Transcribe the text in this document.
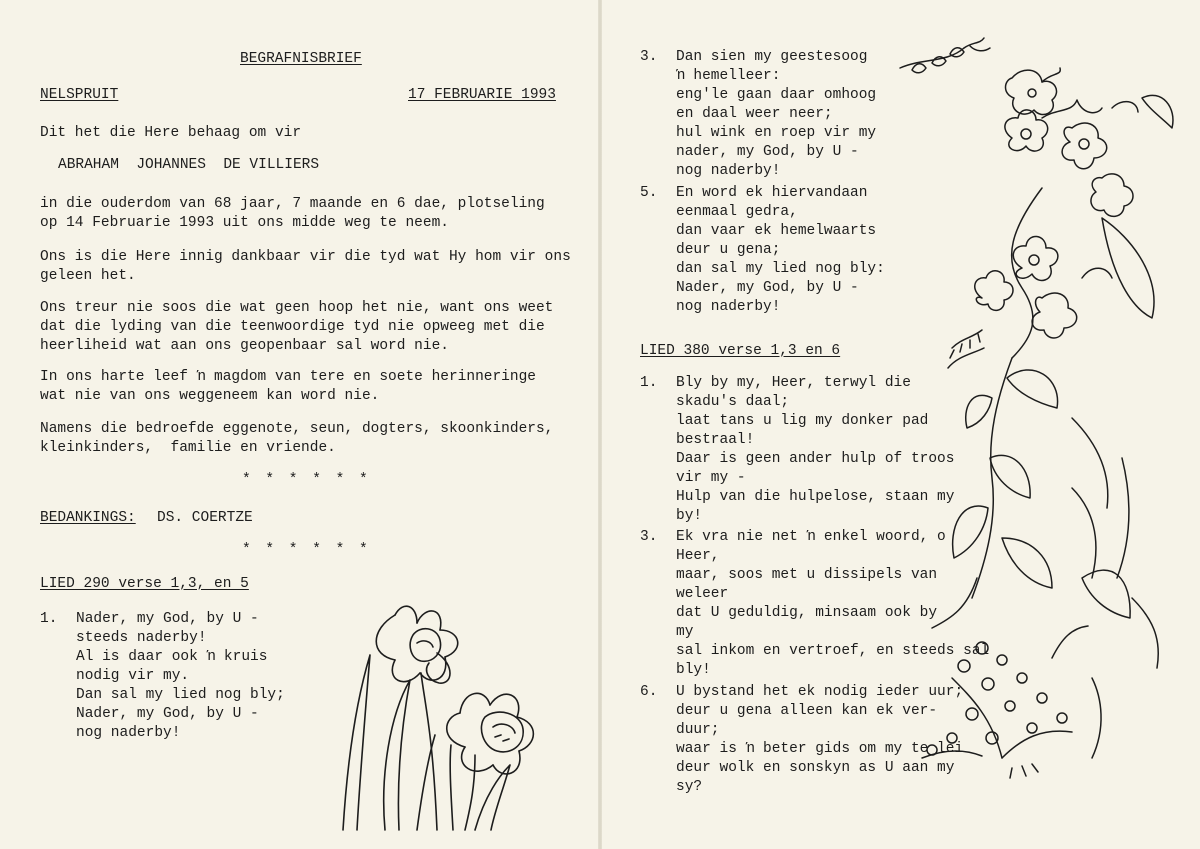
BEGRAFNISBRIEF
NELSPRUIT	17 FEBRUARIE 1993
Dit het die Here behaag om vir
ABRAHAM  JOHANNES  DE VILLIERS
in die ouderdom van 68 jaar, 7 maande en 6 dae, plotseling
op 14 Februarie 1993 uit ons midde weg te neem.
Ons is die Here innig dankbaar vir die tyd wat Hy hom vir ons
geleen het.
Ons treur nie soos die wat geen hoop het nie, want ons weet
dat die lyding van die teenwoordige tyd nie opweeg met die
heerliheid wat aan ons geopenbaar sal word nie.
In ons harte leef ŉ magdom van tere en soete herinneringe
wat nie van ons weggeneem kan word nie.
Namens die bedroefde eggenote, seun, dogters, skoonkinders,
kleinkinders,  familie en vriende.
* * * * * *
BEDANKINGS: DS. COERTZE
* * * * * *
LIED 290 verse 1,3, en 5
1. Nader, my God, by U -
steeds naderby!
Al is daar ook ŉ kruis
nodig vir my.
Dan sal my lied nog bly;
Nader, my God, by U -
nog naderby!
3. Dan sien my geestesoog
ŉ hemelleer:
eng'le gaan daar omhoog
en daal weer neer;
hul wink en roep vir my
nader, my God, by U -
nog naderby!
5. En word ek hiervandaan
eenmaal gedra,
dan vaar ek hemelwaarts
deur u gena;
dan sal my lied nog bly:
Nader, my God, by U -
nog naderby!
LIED 380 verse 1,3 en 6
1. Bly by my, Heer, terwyl die
skadu's daal;
laat tans u lig my donker pad
bestraal!
Daar is geen ander hulp of troos
vir my -
Hulp van die hulpelose, staan my
by!
3. Ek vra nie net ŉ enkel woord, o
Heer,
maar, soos met u dissipels van
weleer
dat U geduldig, minsaam ook by
my
sal inkom en vertroef, en steeds sal
bly!
6. U bystand het ek nodig ieder uur;
deur u gena alleen kan ek ver-
duur;
waar is ŉ beter gids om my te lei
deur wolk en sonskyn as U aan my
sy?
